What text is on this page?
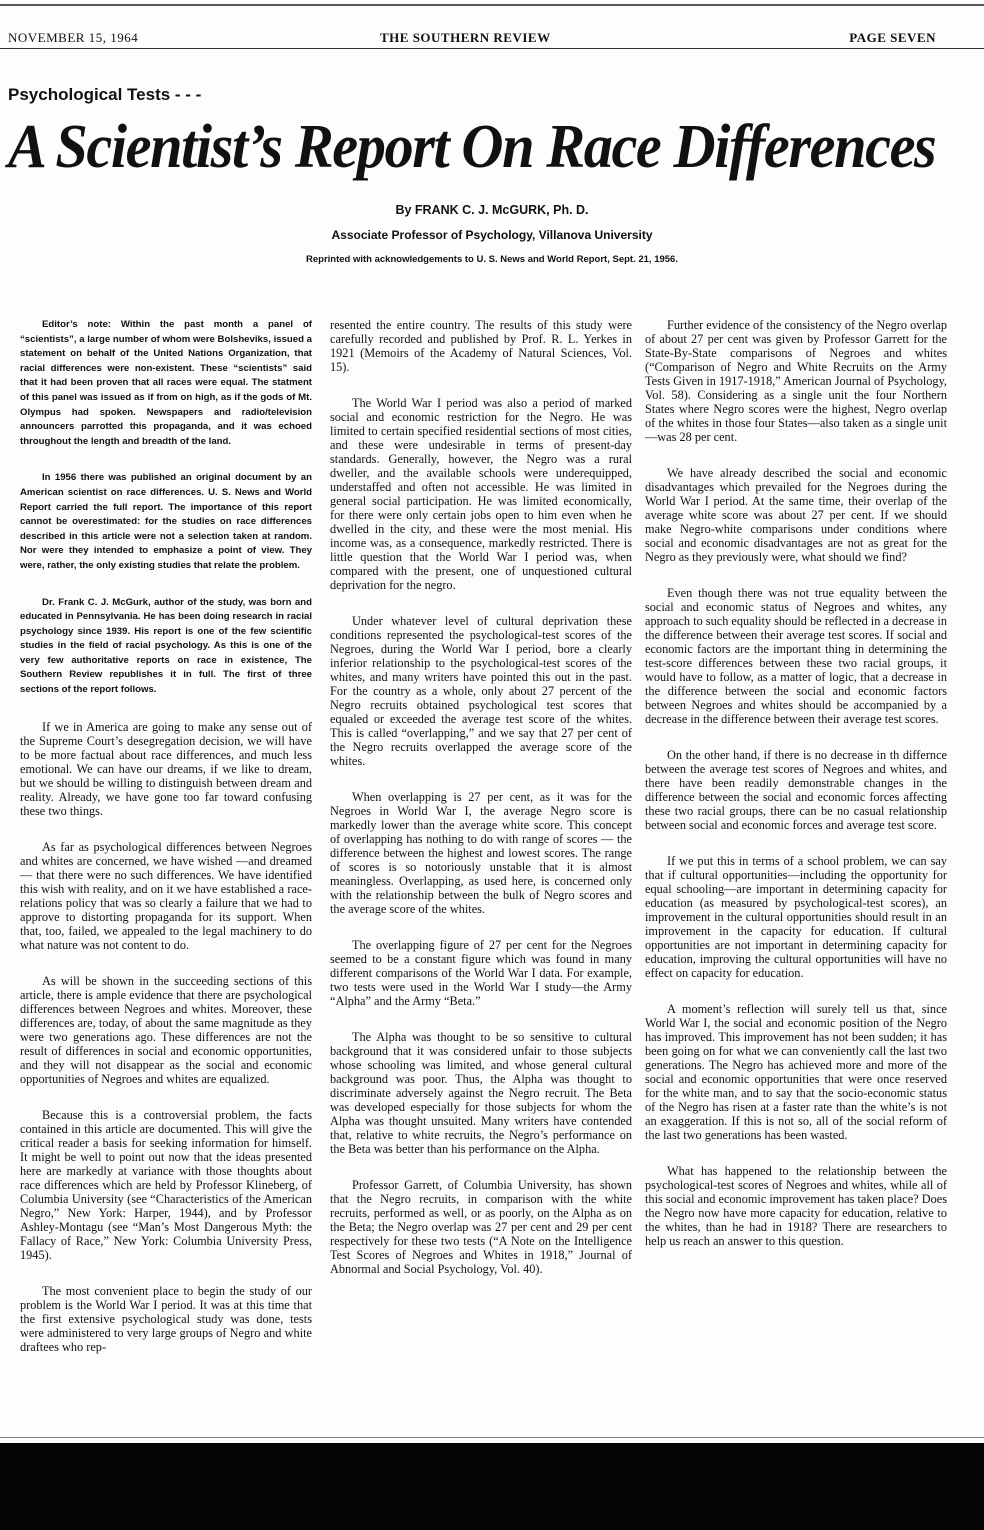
NOVEMBER 15, 1964	THE SOUTHERN REVIEW	PAGE SEVEN
Psychological Tests - - -
A Scientist’s Report On Race Differences
By FRANK C. J. McGURK, Ph. D.
Associate Professor of Psychology, Villanova University
Reprinted with acknowledgements to U. S. News and World Report, Sept. 21, 1956.

Editor’s note: Within the past month a panel of “scientists”, a large number of whom were Bolsheviks, issued a statement on behalf of the United Nations Organization, that racial differences were non-existent. These “scientists” said that it had been proven that all races were equal. The statment of this panel was issued as if from on high, as if the gods of Mt. Olympus had spoken. Newspapers and radio/television announcers parrotted this propaganda, and it was echoed throughout the length and breadth of the land.

In 1956 there was published an original document by an American scientist on race differences. U. S. News and World Report carried the full report. The importance of this report cannot be overestimated: for the studies on race differences described in this article were not a selection taken at random. Nor were they intended to emphasize a point of view. They were, rather, the only existing studies that relate the problem.

Dr. Frank C. J. McGurk, author of the study, was born and educated in Pennsylvania. He has been doing research in racial psychology since 1939. His report is one of the few scientific studies in the field of racial psychology. As this is one of the very few authoritative reports on race in existence, The Southern Review republishes it in full. The first of three sections of the report follows.

If we in America are going to make any sense out of the Supreme Court’s desegregation decision, we will have to be more factual about race differences, and much less emotional. We can have our dreams, if we like to dream, but we should be willing to distinguish between dream and reality. Already, we have gone too far toward confusing these two things.

As far as psychological differences between Negroes and whites are concerned, we have wished —and dreamed — that there were no such differences. We have identified this wish with reality, and on it we have established a race-relations policy that was so clearly a failure that we had to approve to distorting propaganda for its support. When that, too, failed, we appealed to the legal machinery to do what nature was not content to do.

As will be shown in the succeeding sections of this article, there is ample evidence that there are psychological differences between Negroes and whites. Moreover, these differences are, today, of about the same magnitude as they were two generations ago. These differences are not the result of differences in social and economic opportunities, and they will not disappear as the social and economic opportunities of Negroes and whites are equalized.

Because this is a controversial problem, the facts contained in this article are documented. This will give the critical reader a basis for seeking information for himself. It might be well to point out now that the ideas presented here are markedly at variance with those thoughts about race differences which are held by Professor Klineberg, of Columbia University (see “Characteristics of the American Negro,” New York: Harper, 1944), and by Professor Ashley-Montagu (see “Man’s Most Dangerous Myth: the Fallacy of Race,” New York: Columbia University Press, 1945).

The most convenient place to begin the study of our problem is the World War I period. It was at this time that the first extensive psychological study was done, tests were administered to very large groups of Negro and white draftees who rep-

resented the entire country. The results of this study were carefully recorded and published by Prof. R. L. Yerkes in 1921 (Memoirs of the Academy of Natural Sciences, Vol. 15).

The World War I period was also a period of marked social and economic restriction for the Negro. He was limited to certain specified residential sections of most cities, and these were undesirable in terms of present-day standards. Generally, however, the Negro was a rural dweller, and the available schools were underequipped, understaffed and often not accessible. He was limited in general social participation. He was limited economically, for there were only certain jobs open to him even when he dwelled in the city, and these were the most menial. His income was, as a consequence, markedly restricted. There is little question that the World War I period was, when compared with the present, one of unquestioned cultural deprivation for the negro.

Under whatever level of cultural deprivation these conditions represented the psychological-test scores of the Negroes, during the World War I period, bore a clearly inferior relationship to the psychological-test scores of the whites, and many writers have pointed this out in the past. For the country as a whole, only about 27 percent of the Negro recruits obtained psychological test scores that equaled or exceeded the average test score of the whites. This is called “overlapping,” and we say that 27 per cent of the Negro recruits overlapped the average score of the whites.

When overlapping is 27 per cent, as it was for the Negroes in World War I, the average Negro score is markedly lower than the average white score. This concept of overlapping has nothing to do with range of scores — the difference between the highest and lowest scores. The range of scores is so notoriously unstable that it is almost meaningless. Overlapping, as used here, is concerned only with the relationship between the bulk of Negro scores and the average score of the whites.

The overlapping figure of 27 per cent for the Negroes seemed to be a constant figure which was found in many different comparisons of the World War I data. For example, two tests were used in the World War I study—the Army “Alpha” and the Army “Beta.”

The Alpha was thought to be so sensitive to cultural background that it was considered unfair to those subjects whose schooling was limited, and whose general cultural background was poor. Thus, the Alpha was thought to discriminate adversely against the Negro recruit. The Beta was developed especially for those subjects for whom the Alpha was thought unsuited. Many writers have contended that, relative to white recruits, the Negro’s performance on the Beta was better than his performance on the Alpha.

Professor Garrett, of Columbia University, has shown that the Negro recruits, in comparison with the white recruits, performed as well, or as poorly, on the Alpha as on the Beta; the Negro overlap was 27 per cent and 29 per cent respectively for these two tests (“A Note on the Intelligence Test Scores of Negroes and Whites in 1918,” Journal of Abnormal and Social Psychology, Vol. 40).

Further evidence of the consistency of the Negro overlap of about 27 per cent was given by Professor Garrett for the State-By-State comparisons of Negroes and whites (“Comparison of Negro and White Recruits on the Army Tests Given in 1917-1918,” American Journal of Psychology, Vol. 58). Considering as a single unit the four Northern States where Negro scores were the highest, Negro overlap of the whites in those four States—also taken as a single unit—was 28 per cent.

We have already described the social and economic disadvantages which prevailed for the Negroes during the World War I period. At the same time, their overlap of the average white score was about 27 per cent. If we should make Negro-white comparisons under conditions where social and economic disadvantages are not as great for the Negro as they previously were, what should we find?

Even though there was not true equality between the social and economic status of Negroes and whites, any approach to such equality should be reflected in a decrease in the difference between their average test scores. If social and economic factors are the important thing in determining the test-score differences between these two racial groups, it would have to follow, as a matter of logic, that a decrease in the difference between the social and economic factors between Negroes and whites should be accompanied by a decrease in the difference between their average test scores.

On the other hand, if there is no decrease in th differnce between the average test scores of Negroes and whites, and there have been readily demonstrable changes in the difference between the social and economic forces affecting these two racial groups, there can be no casual relationship between social and economic forces and average test score.

If we put this in terms of a school problem, we can say that if cultural opportunities—including the opportunity for equal schooling—are important in determining capacity for education (as measured by psychological-test scores), an improvement in the cultural opportunities should result in an improvement in the capacity for education. If cultural opportunities are not important in determining capacity for education, improving the cultural opportunities will have no effect on capacity for education.

A moment’s reflection will surely tell us that, since World War I, the social and economic position of the Negro has improved. This improvement has not been sudden; it has been going on for what we can conveniently call the last two generations. The Negro has achieved more and more of the social and economic opportunities that were once reserved for the white man, and to say that the socio-economic status of the Negro has risen at a faster rate than the white’s is not an exaggeration. If this is not so, all of the social reform of the last two generations has been wasted.

What has happened to the relationship between the psychological-test scores of Negroes and whites, while all of this social and economic improvement has taken place? Does the Negro now have more capacity for education, relative to the whites, than he had in 1918? There are researchers to help us reach an answer to this question.
